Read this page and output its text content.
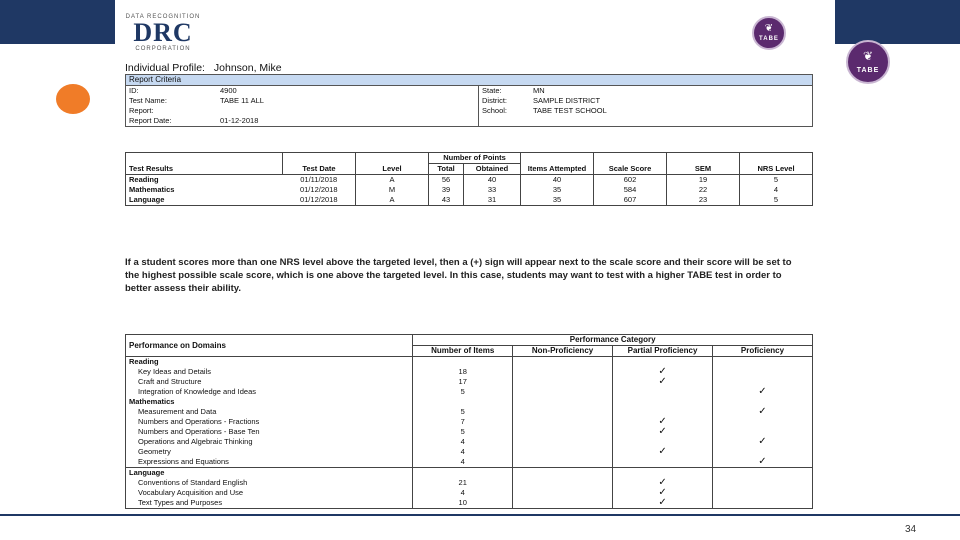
❦
TABE
DATA RECOGNITION
DRC
CORPORATION
❦
TABE
Individual Profile: Johnson, Mike
Report Criteria			
ID:	4900	State:	MN
Test Name:	TABE 11 ALL	District:	SAMPLE DISTRICT
Report:		School:	TABE TEST SCHOOL
Report Date:	01-12-2018		
Test Results	Test Date	Level	Number of Points		Items Attempted	Scale Score	SEM	NRS Level
			Total	Obtained				
Reading	01/11/2018	A	56	40	40	602	19	5
Mathematics	01/12/2018	M	39	33	35	584	22	4
Language	01/12/2018	A	43	31	35	607	23	5
If a student scores more than one NRS level above the targeted level, then a (+) sign will appear next to the scale score and their score will be set to the highest possible scale score, which is one above the targeted level. In this case, students may want to test with a higher TABE test in order to better assess their ability.
Performance on Domains	Performance Category			
	Number of Items	Non-Proficiency	Partial Proficiency	Proficiency
Reading				
Key Ideas and Details	18		✓	
Craft and Structure	17		✓	
Integration of Knowledge and Ideas	5			✓
Mathematics				
Measurement and Data	5			✓
Numbers and Operations - Fractions	7		✓	
Numbers and Operations - Base Ten	5		✓	
Operations and Algebraic Thinking	4			✓
Geometry	4		✓	
Expressions and Equations	4			✓
Language				
Conventions of Standard English	21		✓	
Vocabulary Acquisition and Use	4		✓	
Text Types and Purposes	10		✓	
34
